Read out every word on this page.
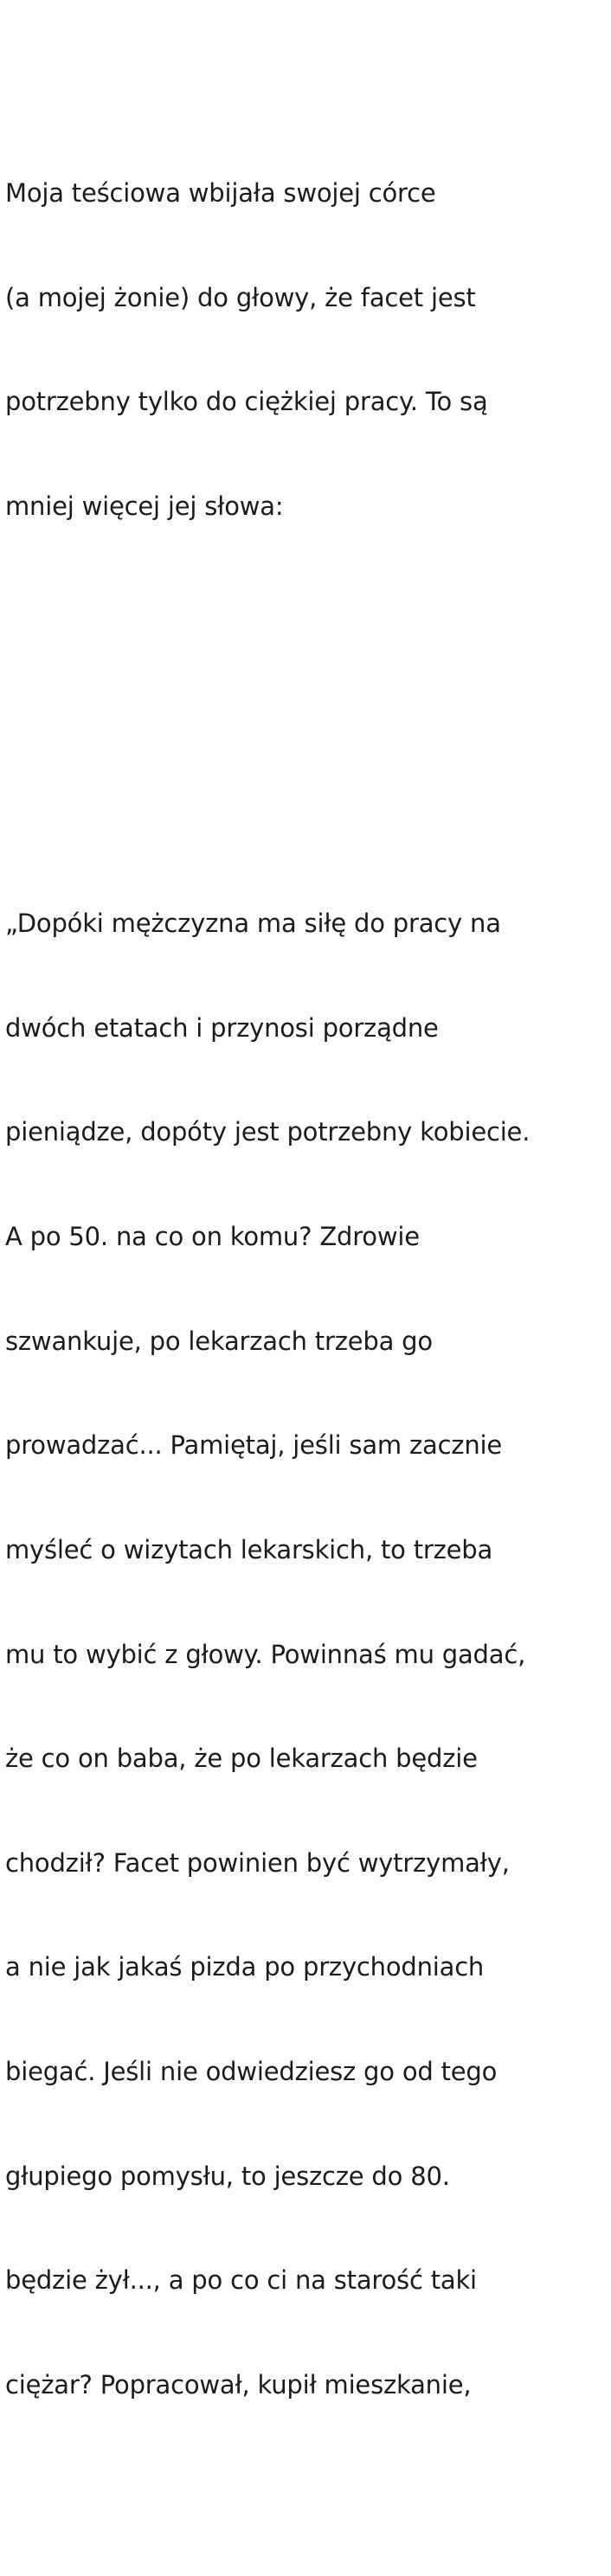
Moja teściowa wbijała swojej córce

(a mojej żonie) do głowy, że facet jest

potrzebny tylko do ciężkiej pracy. To są

mniej więcej jej słowa:

„Dopóki mężczyzna ma siłę do pracy na

dwóch etatach i przynosi porządne

pieniądze, dopóty jest potrzebny kobiecie.

A po 50. na co on komu? Zdrowie

szwankuje, po lekarzach trzeba go

prowadzać... Pamiętaj, jeśli sam zacznie

myśleć o wizytach lekarskich, to trzeba

mu to wybić z głowy. Powinnaś mu gadać,

że co on baba, że po lekarzach będzie

chodził? Facet powinien być wytrzymały,

a nie jak jakaś pizda po przychodniach

biegać. Jeśli nie odwiedziesz go od tego

głupiego pomysłu, to jeszcze do 80.

będzie żył..., a po co ci na starość taki

ciężar? Popracował, kupił mieszkanie,
